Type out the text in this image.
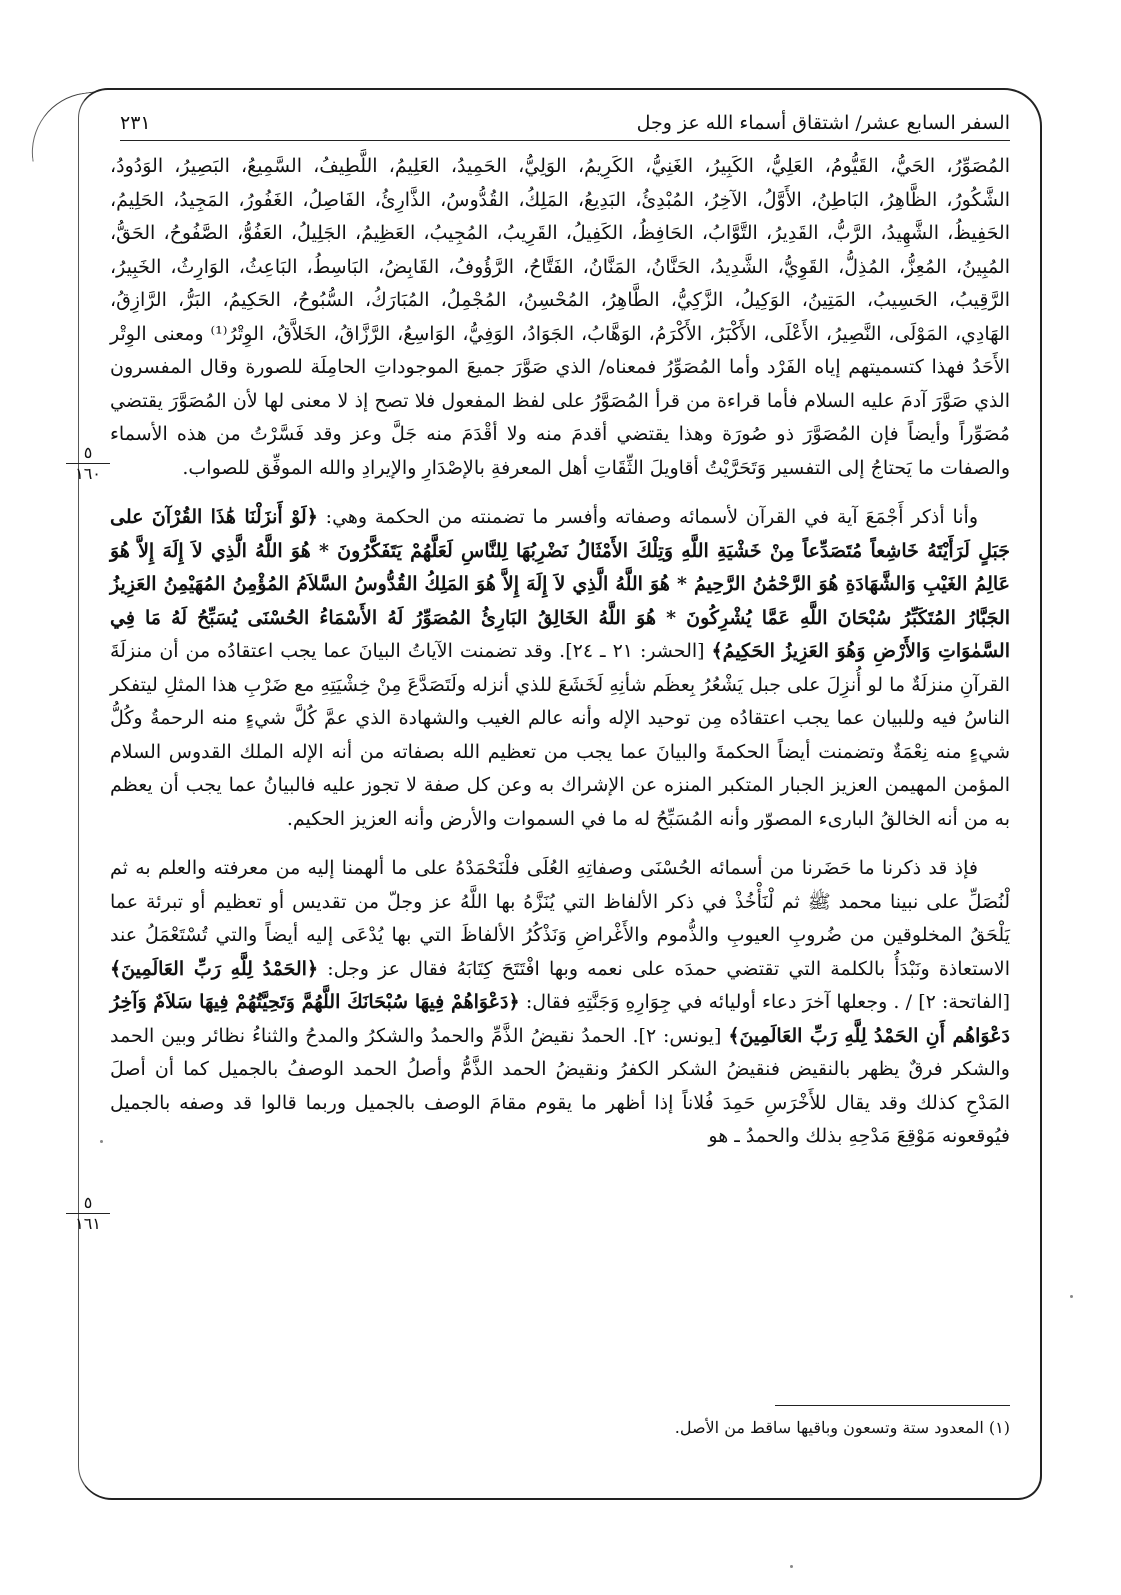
السفر السابع عشر/ اشتقاق أسماء الله عز وجل
٢٣١
٥
١٦٠
٥
١٦١

المُصَوِّرُ، الحَيُّ، القَيُّومُ، العَلِيُّ، الكَبِيرُ، الغَنِيُّ، الكَرِيمُ، الوَلِيُّ، الحَمِيدُ، العَلِيمُ، اللَّطِيفُ، السَّمِيعُ، البَصِيرُ، الوَدُودُ، الشَّكُورُ، الظَّاهِرُ، البَاطِنُ، الأَوَّلُ، الآخِرُ، المُبْدِئُ، البَدِيعُ، المَلِكُ، القُدُّوسُ، الذَّارِئُ، الفَاصِلُ، الغَفُورُ، المَجِيدُ، الحَلِيمُ، الحَفِيظُ، الشَّهِيدُ، الرَّبُّ، القَدِيرُ، التَّوَّابُ، الحَافِظُ، الكَفِيلُ، القَرِيبُ، المُجِيبُ، العَظِيمُ، الجَلِيلُ، العَفُوُّ، الصَّفُوحُ، الحَقُّ، المُبِينُ، المُعِزُّ، المُذِلُّ، القَوِيُّ، الشَّدِيدُ، الحَنَّانُ، المَنَّانُ، الفَتَّاحُ، الرَّؤُوفُ، القَابِضُ، البَاسِطُ، البَاعِثُ، الوَارِثُ، الخَبِيرُ، الرَّقِيبُ، الحَسِيبُ، المَتِينُ، الوَكِيلُ، الزَّكِيُّ، الطَّاهِرُ، المُحْسِنُ، المُجْمِلُ، المُبَارَكُ، السُّبُوحُ، الحَكِيمُ، البَرُّ، الرَّازِقُ، الهَادِي، المَوْلَى، النَّصِيرُ، الأَعْلَى، الأَكْبَرُ، الأَكْرَمُ، الوَهَّابُ، الجَوَادُ، الوَفِيُّ، الوَاسِعُ، الرَّزَّاقُ، الخَلاَّقُ، الوِتْرُ⁽¹⁾ ومعنى الوِتْر الأَحَدُ فهذا كتسميتهم إياه الفَرْد وأما المُصَوِّرُ فمعناه/ الذي صَوَّرَ جميعَ الموجوداتِ الحامِلَة للصورة وقال المفسرون الذي صَوَّرَ آدمَ عليه السلام فأما قراءة من قرأ المُصَوَّرُ على لفظ المفعول فلا تصح إذ لا معنى لها لأن المُصَوَّرَ يقتضي مُصَوِّراً وأيضاً فإن المُصَوَّرَ ذو صُورَة وهذا يقتضي أقدمَ منه ولا أقْدَمَ منه جَلَّ وعز وقد فَسَّرْتُ من هذه الأسماء والصفات ما يَحتاجُ إلى التفسير وَتَحَرَّيْتُ أقاويلَ الثِّقَاتِ أهل المعرفةِ بالإصْدَارِ والإيرادِ والله الموفِّق للصواب.

وأنا أذكر أَجْمَعَ آية في القرآن لأسمائه وصفاته وأفسر ما تضمنته من الحكمة وهي: ﴿لَوْ أَنزَلْنَا هَٰذَا القُرْآنَ على جَبَلٍ لَرَأَيْتَهُ خَاشِعاً مُتَصَدِّعاً مِنْ خَشْيَةِ اللَّهِ وَتِلْكَ الأَمْثَالُ نَضْرِبُهَا لِلنَّاسِ لَعَلَّهُمْ يَتَفَكَّرُونَ * هُوَ اللَّهُ الَّذِي لاَ إِلَهَ إِلاَّ هُوَ عَالِمُ الغَيْبِ وَالشَّهَادَةِ هُوَ الرَّحْمَٰنُ الرَّحِيمُ * هُوَ اللَّهُ الَّذِي لاَ إِلَهَ إِلاَّ هُوَ المَلِكُ القُدُّوسُ السَّلاَمُ المُؤْمِنُ المُهَيْمِنُ العَزِيزُ الجَبَّارُ المُتَكَبِّرُ سُبْحَانَ اللَّهِ عَمَّا يُشْرِكُونَ * هُوَ اللَّهُ الخَالِقُ البَارِئُ المُصَوِّرُ لَهُ الأَسْمَاءُ الحُسْنَى يُسَبِّحُ لَهُ مَا فِي السَّمٰوَاتِ وَالأَرْضِ وَهُوَ العَزِيزُ الحَكِيمُ﴾ [الحشر: ٢١ ـ ٢٤]. وقد تضمنت الآياتُ البيانَ عما يجب اعتقادُه من أن منزلَةَ القرآنِ منزلَةٌ ما لو أُنزِلَ على جبل يَشْعُرُ بِعظَم شأنِهِ لَخَشَعَ للذي أنزله ولَتَصَدَّعَ مِنْ خِشْيَتِهِ مع ضَرْبِ هذا المثلِ ليتفكر الناسُ فيه وللبيان عما يجب اعتقادُه مِن توحيد الإله وأنه عالم الغيب والشهادة الذي عمَّ كُلَّ شيءٍ منه الرحمةُ وكُلُّ شيءٍ منه نِعْمَةٌ وتضمنت أيضاً الحكمةَ والبيانَ عما يجب من تعظيم الله بصفاته من أنه الإله الملك القدوس السلام المؤمن المهيمن العزيز الجبار المتكبر المنزه عن الإشراك به وعن كل صفة لا تجوز عليه فالبيانُ عما يجب أن يعظم به من أنه الخالقُ البارىء المصوّر وأنه المُسَبِّحُ له ما في السموات والأرض وأنه العزيز الحكيم.

فإذ قد ذكرنا ما حَضَرنا من أسمائه الحُسْنَى وصفاتِهِ العُلَى فلْنَحْمَدْهُ على ما ألهمنا إليه من معرفته والعلم به ثم لْنُصَلِّ على نبينا محمد ﷺ ثم لْنَأْخُذْ في ذكر الألفاظ التي يُنَزَّهُ بها اللَّهُ عز وجلّ من تقديس أو تعظيم أو تبرئة عما يَلْحَقُ المخلوقين من ضُروبِ العيوبِ والذُّموم والأَغْراضِ وَنَذْكُرُ الألفاظَ التي بها يُدْعَى إليه أيضاً والتي تُسْتَعْمَلُ عند الاستعاذة ونَبْدَأُ بالكلمة التي تقتضي حمدَه على نعمه وبها افْتَتَحَ كِتَابَهُ فقال عز وجل: ﴿الحَمْدُ لِلَّهِ رَبِّ العَالَمِينَ﴾ [الفاتحة: ٢] / . وجعلها آخرَ دعاء أوليائه في جِوَارِهِ وَجَنَّتِهِ فقال: ﴿دَعْوَاهُمْ فِيهَا سُبْحَانَكَ اللَّهُمَّ وَتَحِيَّتُهُمْ فِيهَا سَلاَمٌ وَآخِرُ دَعْوَاهُم أَنِ الحَمْدُ لِلَّهِ رَبِّ العَالَمِينَ﴾ [يونس: ٢]. الحمدُ نقيضُ الذَّمِّ والحمدُ والشكرُ والمدحُ والثناءُ نظائر وبين الحمد والشكر فرقٌ يظهر بالنقيض فنقيضُ الشكر الكفرُ ونقيضُ الحمد الذَّمُّ وأصلُ الحمد الوصفُ بالجميل كما أن أصلَ المَدْحِ كذلك وقد يقال للأَخْرَسِ حَمِدَ فُلاناً إذا أظهر ما يقوم مقامَ الوصف بالجميل وربما قالوا قد وصفه بالجميل فيُوقعونه مَوْقِعَ مَدْحِهِ بذلك والحمدُ ـ هو

(١) المعدود ستة وتسعون وباقيها ساقط من الأصل.
